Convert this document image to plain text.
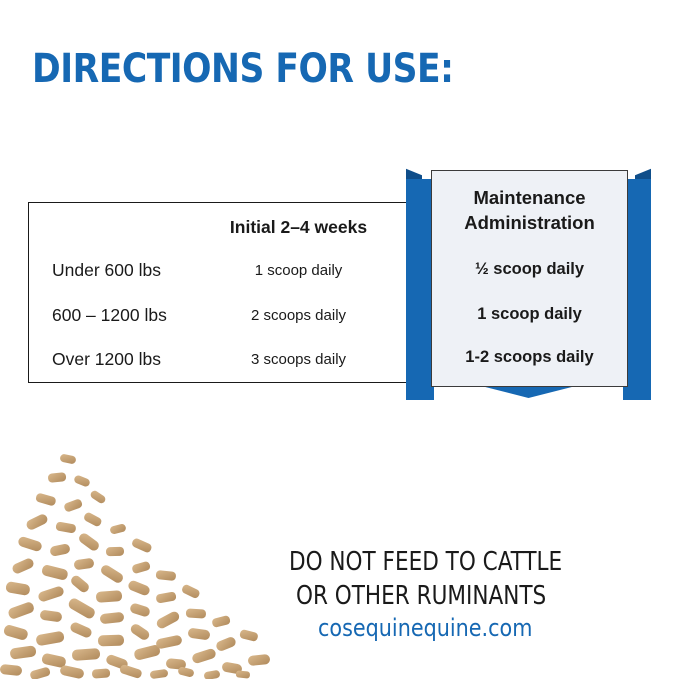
DIRECTIONS FOR USE:
Initial 2–4 weeks
Under 600 lbs
600 – 1200 lbs
Over 1200 lbs
1 scoop daily
2 scoops daily
3 scoops daily
Maintenance
Administration
½ scoop daily
1 scoop daily
1-2 scoops daily
DO NOT FEED TO CATTLE
OR OTHER RUMINANTS
cosequinequine.com
